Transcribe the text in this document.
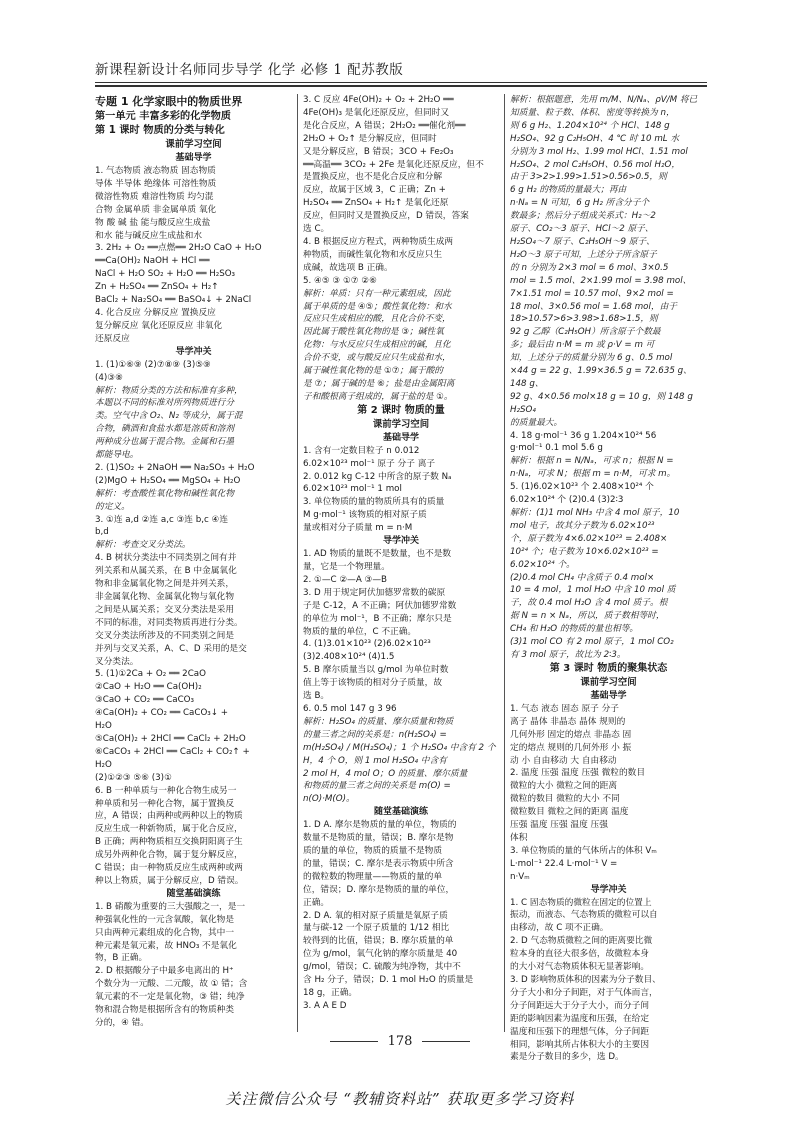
新课程新设计名师同步导学 化学 必修 1 配苏教版
专题 1 化学家眼中的物质世界
第一单元 丰富多彩的化学物质
第 1 课时 物质的分类与转化
课前学习空间
基础导学

1. 气态物质 液态物质 固态物质

导体 半导体 绝缘体 可溶性物质

微溶性物质 难溶性物质 均匀混

合物 金属单质 非金属单质 氧化

物 酸 碱 盐 能与酸反应生成盐

和水 能与碱反应生成盐和水

3. 2H₂ + O₂ ══点燃══ 2H₂O CaO + H₂O

══Ca(OH)₂ NaOH + HCl ══

NaCl + H₂O SO₂ + H₂O ══ H₂SO₃

Zn + H₂SO₄ ══ ZnSO₄ + H₂↑

BaCl₂ + Na₂SO₄ ══ BaSO₄↓ + 2NaCl

4. 化合反应 分解反应 置换反应

复分解反应 氧化还原反应 非氧化

还原反应

导学冲关

1. (1)①⑥⑨ (2)⑦⑧⑨ (3)⑤⑨

(4)③⑧

解析：物质分类的方法和标准有多种，

本题以不同的标准对所列物质进行分

类。空气中含 O₂、N₂ 等成分，属于混

合物，碘酒和食盐水都是溶质和溶剂

两种成分也属于混合物。金属和石墨

都能导电。

2. (1)SO₂ + 2NaOH ══ Na₂SO₃ + H₂O

(2)MgO + H₂SO₄ ══ MgSO₄ + H₂O

解析：考查酸性氧化物和碱性氧化物

的定义。

3. ①连 a,d ②连 a,c ③连 b,c ④连

b,d

解析：考查交叉分类法。

4. B 树状分类法中不同类别之间有并

列关系和从属关系，在 B 中金属氧化

物和非金属氧化物之间是并列关系，

非金属氧化物、金属氧化物与氧化物

之间是从属关系；交叉分类法是采用

不同的标准，对同类物质再进行分类。

交叉分类法所涉及的不同类别之间是

并列与交叉关系，A、C、D 采用的是交

叉分类法。

5. (1)①2Ca + O₂ ══ 2CaO

②CaO + H₂O ══ Ca(OH)₂

③CaO + CO₂ ══ CaCO₃

④Ca(OH)₂ + CO₂ ══ CaCO₃↓ +

H₂O

⑤Ca(OH)₂ + 2HCl ══ CaCl₂ + 2H₂O

⑥CaCO₃ + 2HCl ══ CaCl₂ + CO₂↑ +

H₂O

(2)①②③ ⑤⑥ (3)①

6. B 一种单质与一种化合物生成另一

种单质和另一种化合物，属于置换反

应，A 错误；由两种或两种以上的物质

反应生成一种新物质，属于化合反应，

B 正确；两种物质相互交换阴阳离子生

成另外两种化合物，属于复分解反应，

C 错误；由一种物质反应生成两种或两

种以上物质，属于分解反应，D 错误。

随堂基础演练

1. B 硝酸为重要的三大强酸之一，是一

种强氧化性的一元含氧酸，氧化物是

只由两种元素组成的化合物，其中一

种元素是氧元素，故 HNO₃ 不是氧化

物，B 正确。

2. D 根据酸分子中最多电离出的 H⁺

个数分为一元酸、二元酸，故 ① 错；含

氧元素的不一定是氧化物，③ 错；纯净

物和混合物是根据所含有的物质种类

分的，④ 错。

3. C 反应 4Fe(OH)₂ + O₂ + 2H₂O ══

4Fe(OH)₃ 是氧化还原反应，但同时又

是化合反应，A 错误；2H₂O₂ ══催化剂══

2H₂O + O₂↑ 是分解反应，但同时

又是分解反应，B 错误；3CO + Fe₂O₃

══高温══ 3CO₂ + 2Fe 是氧化还原反应，但不

是置换反应，也不是化合反应和分解

反应，故属于区域 3，C 正确；Zn +

H₂SO₄ ══ ZnSO₄ + H₂↑ 是氧化还原

反应，但同时又是置换反应，D 错误，答案

选 C。

4. B 根据反应方程式，两种物质生成两

种物质，而碱性氧化物和水反应只生

成碱，故选项 B 正确。

5. ④⑤ ③ ①⑦ ②⑥

解析：单质：只有一种元素组成，因此

属于单质的是 ④⑤；酸性氧化物：和水

反应只生成相应的酸，且化合价不变，

因此属于酸性氧化物的是 ③；碱性氧

化物：与水反应只生成相应的碱，且化

合价不变，或与酸反应只生成盐和水，

属于碱性氧化物的是 ①⑦；属于酸的

是 ⑦；属于碱的是 ⑥；盐是由金属阳离

子和酸根离子组成的，属于盐的是 ①。

第 2 课时 物质的量
课前学习空间
基础导学

1. 含有一定数目粒子 n 0.012

6.02×10²³ mol⁻¹ 原子 分子 离子

2. 0.012 kg C-12 中所含的原子数 Nₐ

6.02×10²³ mol⁻¹ 1 mol

3. 单位物质的量的物质所具有的质量

M g·mol⁻¹ 该物质的相对原子质

量或相对分子质量 m = n·M

导学冲关

1. AD 物质的量既不是数量，也不是数

量，它是一个物理量。

2. ①—C ②—A ③—B

3. D 用于规定阿伏加德罗常数的碳原

子是 C-12，A 不正确；阿伏加德罗常数

的单位为 mol⁻¹，B 不正确；摩尔只是

物质的量的单位，C 不正确。

4. (1)3.01×10²³ (2)6.02×10²³

(3)2.408×10²⁴ (4)1.5

5. B 摩尔质量当以 g/mol 为单位时数

值上等于该物质的相对分子质量，故

选 B。

6. 0.5 mol 147 g 3 96

解析：H₂SO₄ 的质量、摩尔质量和物质

的量三者之间的关系是：n(H₂SO₄) =

m(H₂SO₄) / M(H₂SO₄)；1 个 H₂SO₄ 中含有 2 个

H，4 个 O，则 1 mol H₂SO₄ 中含有

2 mol H，4 mol O；O 的质量、摩尔质量

和物质的量三者之间的关系是 m(O) =

n(O)·M(O)。

随堂基础演练

1. D A. 摩尔是物质的量的单位，物质的

数量不是物质的量，错误；B. 摩尔是物

质的量的单位，物质的质量不是物质

的量，错误；C. 摩尔是表示物质中所含

的微粒数的物理量——物质的量的单

位，错误；D. 摩尔是物质的量的单位，

正确。

2. D A. 氧的相对原子质量是氧原子质

量与碳-12 一个原子质量的 1/12 相比

较得到的比值，错误；B. 摩尔质量的单

位为 g/mol，氧气化钠的摩尔质量是 40

g/mol，错误；C. 硫酸为纯净物，其中不

含 H₂ 分子，错误；D. 1 mol H₂O 的质量是

18 g，正确。

3. A A E D

解析：根据题意，先用 m/M、N/Nₐ、ρV/M 将已

知质量、粒子数、体积、密度等转换为 n，

则 6 g H₂、1.204×10²⁴ 个 HCl、148 g

H₂SO₄、92 g C₂H₅OH、4 ℃ 时 10 mL 水

分别为 3 mol H₂、1.99 mol HCl、1.51 mol

H₂SO₄、2 mol C₂H₅OH、0.56 mol H₂O，

由于 3>2>1.99>1.51>0.56>0.5，则

6 g H₂ 的物质的量最大；再由

n·Nₐ = N 可知，6 g H₂ 所含分子个

数最多；然后分子组成关系式：H₂～2

原子、CO₂～3 原子、HCl～2 原子、

H₂SO₄～7 原子、C₂H₅OH～9 原子、

H₂O～3 原子可知，上述分子所含原子

的 n 分别为 2×3 mol = 6 mol、3×0.5

mol = 1.5 mol、2×1.99 mol = 3.98 mol、

7×1.51 mol = 10.57 mol、9×2 mol =

18 mol、3×0.56 mol = 1.68 mol，由于

18>10.57>6>3.98>1.68>1.5，则

92 g 乙醇（C₂H₅OH）所含原子个数最

多；最后由 n·M = m 或 ρ·V = m 可

知，上述分子的质量分别为 6 g、0.5 mol

×44 g = 22 g、1.99×36.5 g = 72.635 g、148 g、

92 g、4×0.56 mol×18 g = 10 g，则 148 g H₂SO₄

的质量最大。

4. 18 g·mol⁻¹ 36 g 1.204×10²⁴ 56

g·mol⁻¹ 0.1 mol 5.6 g

解析：根据 n = N/Nₐ，可求 n；根据 N =

n·Nₐ，可求 N；根据 m = n·M，可求 m。

5. (1)6.02×10²³ 个 2.408×10²⁴ 个

6.02×10²⁴ 个 (2)0.4 (3)2∶3

解析：(1)1 mol NH₃ 中含 4 mol 原子，10

mol 电子，故其分子数为 6.02×10²³

个，原子数为 4×6.02×10²³ = 2.408×

10²⁴ 个；电子数为 10×6.02×10²³ =

6.02×10²⁴ 个。

(2)0.4 mol CH₄ 中含质子 0.4 mol×

10 = 4 mol，1 mol H₂O 中含 10 mol 质

子，故 0.4 mol H₂O 含 4 mol 质子。根

据 N = n × Nₐ，所以，质子数相等时，

CH₄ 和 H₂O 的物质的量也相等。

(3)1 mol CO 有 2 mol 原子，1 mol CO₂

有 3 mol 原子，故比为 2∶3。

第 3 课时 物质的聚集状态
课前学习空间
基础导学

1. 气态 液态 固态 原子 分子

离子 晶体 非晶态 晶体 规则的

几何外形 固定的熔点 非晶态 固

定的熔点 规则的几何外形 小 振

动 小 自由移动 大 自由移动

2. 温度 压强 温度 压强 微粒的数目

微粒的大小 微粒之间的距离

微粒的数目 微粒的大小 不同

微粒数目 微粒之间的距离 温度

压强 温度 压强 温度 压强

体积

3. 单位物质的量的气体所占的体积 Vₘ

L·mol⁻¹ 22.4 L·mol⁻¹ V =

n·Vₘ

导学冲关

1. C 固态物质的微粒在固定的位置上

振动，而液态、气态物质的微粒可以自

由移动，故 C 项不正确。

2. D 气态物质微粒之间的距离要比微

粒本身的直径大很多倍，故微粒本身

的大小对气态物质体积无显著影响。

3. D 影响物质体积的因素为分子数目、

分子大小和分子间距，对于气体而言，

分子间距远大于分子大小，而分子间

距的影响因素为温度和压强，在给定

温度和压强下的理想气体，分子间距

相同，影响其所占体积大小的主要因

素是分子数目的多少，选 D。

178
关注微信公众号 “教辅资料站” 获取更多学习资料
